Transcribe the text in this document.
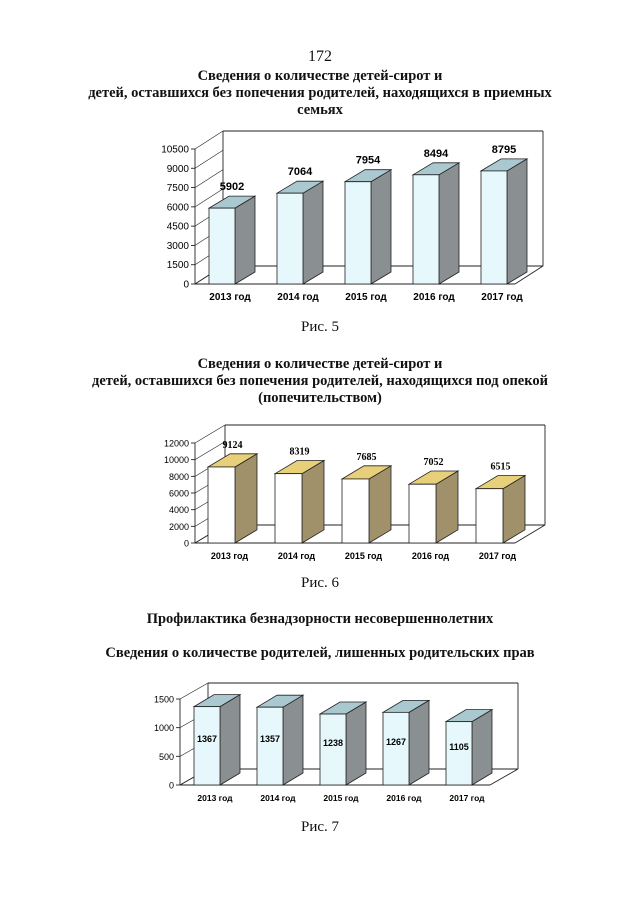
172
Сведения о количестве детей-сирот и
детей, оставшихся без попечения родителей, находящихся в приемных
семьях
0
1500
3000
4500
6000
7500
9000
10500
5902
2013 год
7064
2014 год
7954
2015 год
8494
2016 год
8795
2017 год
Рис. 5
Сведения о количестве детей-сирот и
детей, оставшихся без попечения родителей, находящихся под опекой
(попечительством)
0
2000
4000
6000
8000
10000
12000	9124
2013 год
8319
2014 год
7685
2015 год
7052
2016 год
6515
2017 год
Рис. 6
Профилактика безнадзорности несовершеннолетних
Сведения о количестве родителей, лишенных родительских прав
0
500
1000
1500
1367
2013 год
1357
2014 год
1238
2015 год
1267
2016 год
1105
2017 год
Рис. 7
